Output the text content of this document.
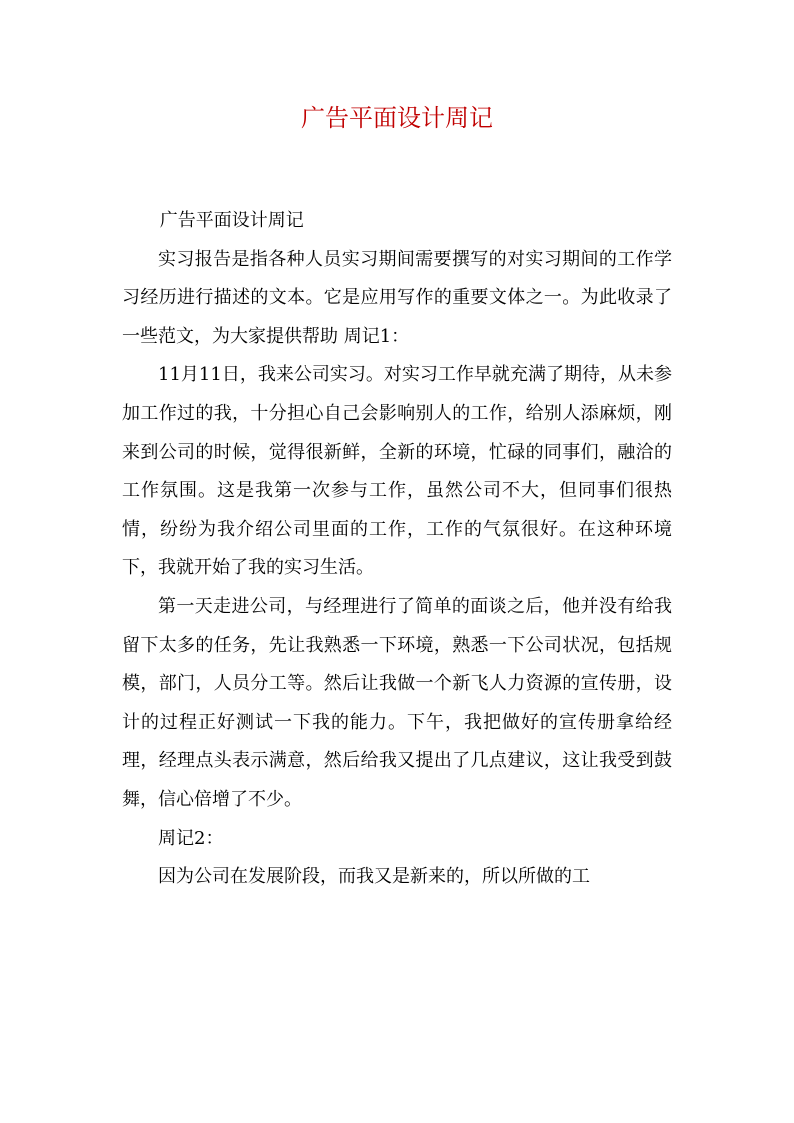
广告平面设计周记

广告平面设计周记

实习报告是指各种人员实习期间需要撰写的对实习期间的工作学习经历进行描述的文本。它是应用写作的重要文体之一。为此收录了一些范文，为大家提供帮助 周记1：

11月11日，我来公司实习。对实习工作早就充满了期待，从未参加工作过的我，十分担心自己会影响别人的工作，给别人添麻烦，刚来到公司的时候，觉得很新鲜，全新的环境，忙碌的同事们，融洽的工作氛围。这是我第一次参与工作，虽然公司不大，但同事们很热情，纷纷为我介绍公司里面的工作，工作的气氛很好。在这种环境下，我就开始了我的实习生活。

第一天走进公司，与经理进行了简单的面谈之后，他并没有给我留下太多的任务，先让我熟悉一下环境，熟悉一下公司状况，包括规模，部门，人员分工等。然后让我做一个新飞人力资源的宣传册，设计的过程正好测试一下我的能力。下午，我把做好的宣传册拿给经理，经理点头表示满意，然后给我又提出了几点建议，这让我受到鼓舞，信心倍增了不少。

周记2：

因为公司在发展阶段，而我又是新来的，所以所做的工
